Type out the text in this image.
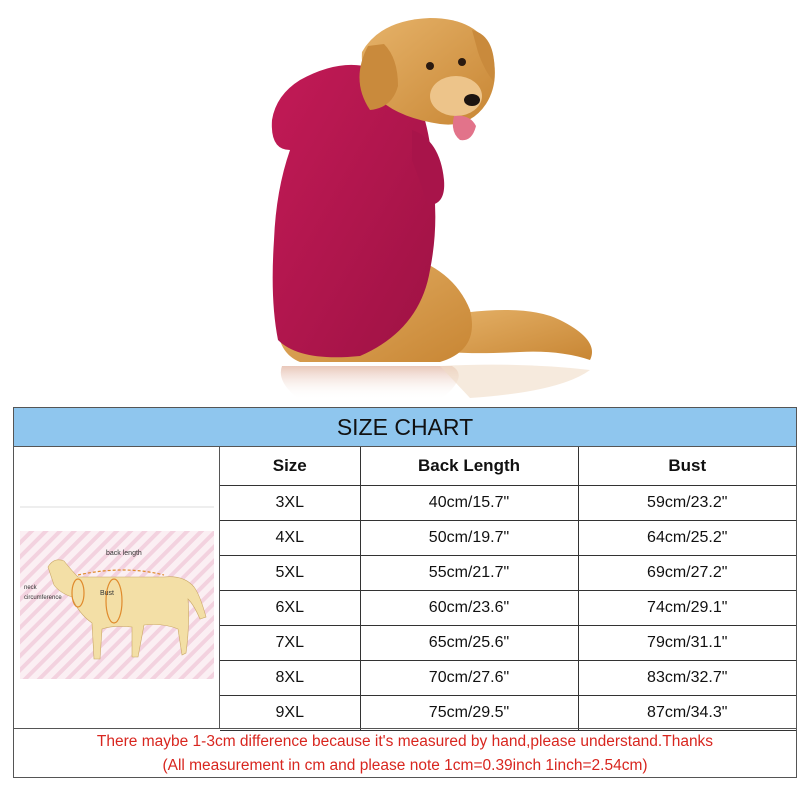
SIZE CHART
back length
neck
circumference
Bust
Size	Back Length	Bust
3XL	40cm/15.7"	59cm/23.2"
4XL	50cm/19.7"	64cm/25.2"
5XL	55cm/21.7"	69cm/27.2"
6XL	60cm/23.6"	74cm/29.1"
7XL	65cm/25.6"	79cm/31.1"
8XL	70cm/27.6"	83cm/32.7"
9XL	75cm/29.5"	87cm/34.3"
There maybe 1-3cm difference because it's measured by hand,please understand.Thanks
(All measurement in cm and please note 1cm=0.39inch 1inch=2.54cm)
